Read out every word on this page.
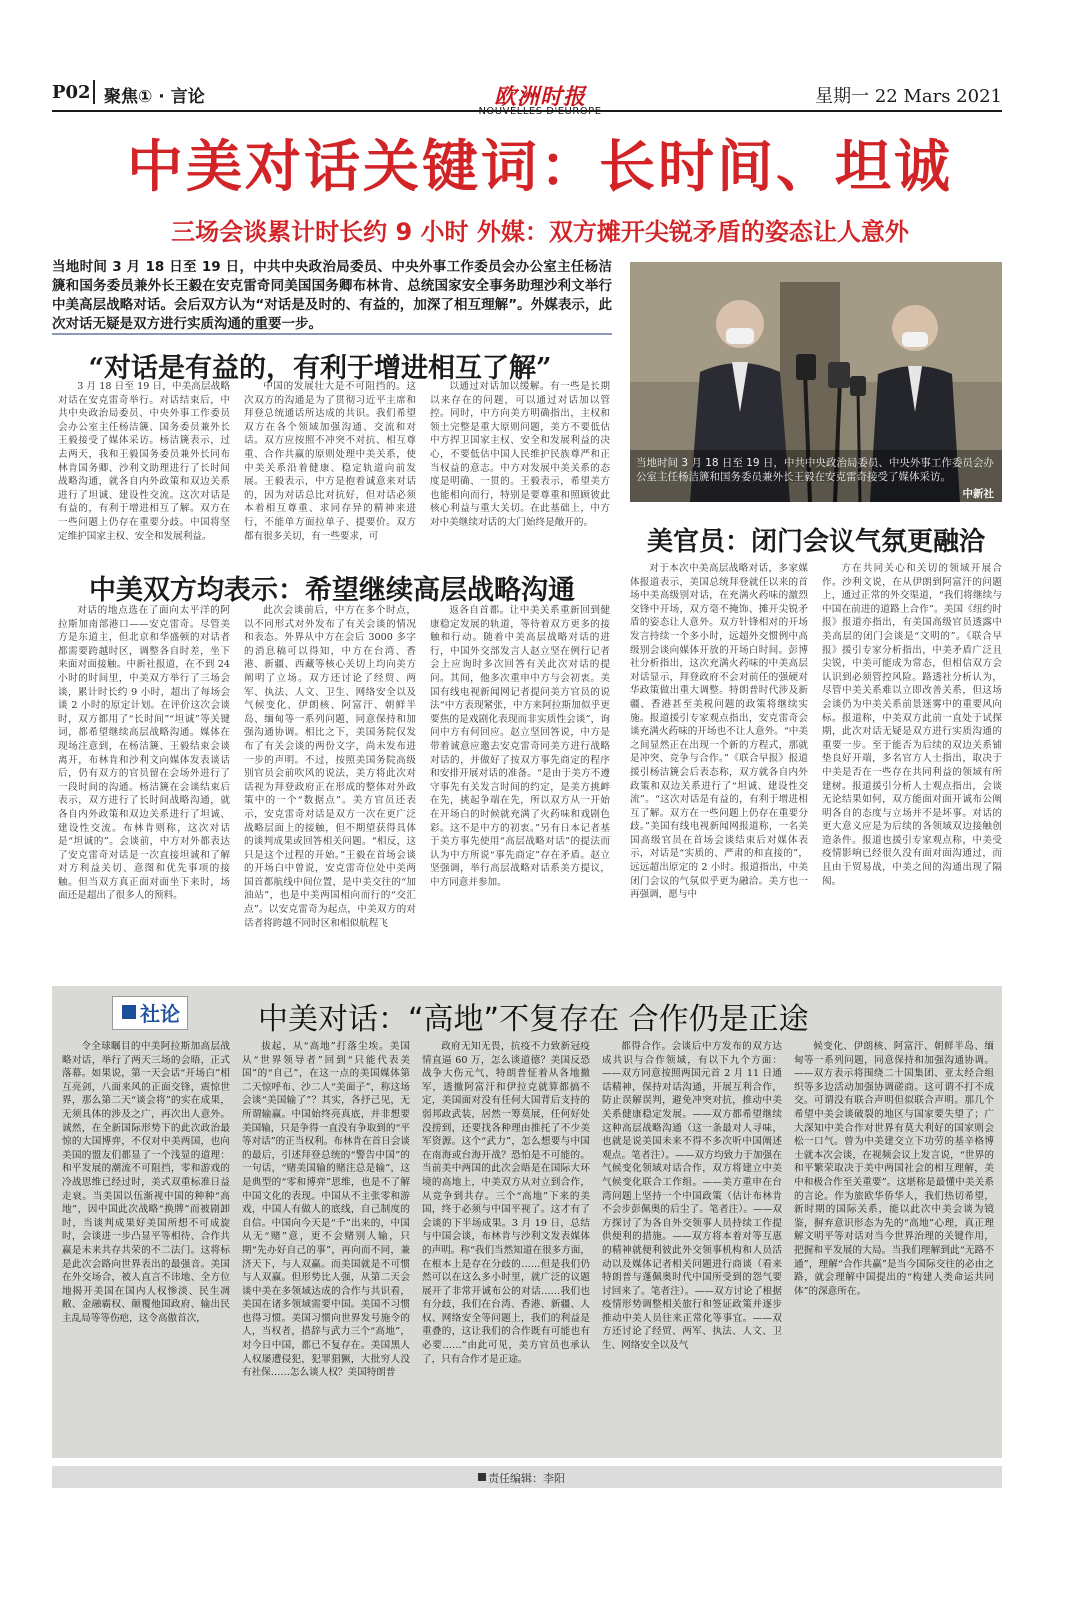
P02 聚焦① · 言论	欧洲时报	星期一 22 Mars 2021
中美对话关键词：长时间、坦诚
三场会谈累计时长约 9 小时 外媒：双方摊开尖锐矛盾的姿态让人意外
当地时间 3 月 18 日至 19 日，中共中央政治局委员、中央外事工作委员会办公室主任杨洁篪和国务委员兼外长王毅在安克雷奇同美国国务卿布林肯、总统国家安全事务助理沙利文举行中美高层战略对话。会后双方认为“对话是及时的、有益的，加深了相互理解”。外媒表示，此次对话无疑是双方进行实质沟通的重要一步。
当地时间 3 月 18 日至 19 日，中共中央政治局委员、中央外事工作委员会办公室主任杨洁篪和国务委员兼外长王毅在安克雷奇接受了媒体采访。
中新社
“对话是有益的，有利于增进相互了解”

3 月 18 日至 19 日，中美高层战略对话在安克雷奇举行。对话结束后，中共中央政治局委员、中央外事工作委员会办公室主任杨洁篪、国务委员兼外长王毅接受了媒体采访。杨洁篪表示，过去两天，我和王毅国务委员兼外长同布林肯国务卿、沙利文助理进行了长时间战略沟通，就各自内外政策和双边关系进行了坦诚、建设性交流。这次对话是有益的，有利于增进相互了解。双方在一些问题上仍存在重要分歧。中国将坚定维护国家主权、安全和发展利益。

中国的发展壮大是不可阻挡的。这次双方的沟通是为了贯彻习近平主席和拜登总统通话所达成的共识。我们希望双方在各个领域加强沟通、交流和对话。双方应按照不冲突不对抗、相互尊重、合作共赢的原则处理中美关系，使中美关系沿着健康、稳定轨道向前发展。王毅表示，中方是抱着诚意来对话的，因为对话总比对抗好，但对话必须本着相互尊重、求同存异的精神来进行，不能单方面拉单子、提要价。双方都有很多关切，有一些要求，可

以通过对话加以缓解。有一些是长期以来存在的问题，可以通过对话加以管控。同时，中方向美方明确指出，主权和领土完整是重大原则问题，美方不要低估中方捍卫国家主权、安全和发展利益的决心，不要低估中国人民维护民族尊严和正当权益的意志。中方对发展中美关系的态度是明确、一贯的。王毅表示，希望美方也能相向而行，特别是要尊重和照顾彼此核心利益与重大关切。在此基础上，中方对中美继续对话的大门始终是敞开的。

中美双方均表示：希望继续高层战略沟通

对话的地点选在了面向太平洋的阿拉斯加南部港口——安克雷奇。尽管美方是东道主，但北京和华盛顿的对话者都需要跨越时区，调整各自时差，坐下来面对面接触。中新社报道，在不到 24 小时的时间里，中美双方举行了三场会谈，累计时长约 9 小时，超出了每场会谈 2 小时的原定计划。在评价这次会谈时，双方都用了“长时间”“坦诚”等关键词，都希望继续高层战略沟通。媒体在现场注意到，在杨洁篪、王毅结束会谈离开，布林肯和沙利文向媒体发表谈话后，仍有双方的官员留在会场外进行了一段时间的沟通。杨洁篪在会谈结束后表示，双方进行了长时间战略沟通，就各自内外政策和双边关系进行了坦诚、建设性交流。布林肯则称，这次对话是“坦诚的”。会谈前，中方对外都表达了安克雷奇对话是一次直接坦诚和了解对方利益关切、意图和优先事项的接触。但当双方真正面对面坐下来时，场面还是超出了很多人的预料。

此次会谈前后，中方在多个时点，以不同形式对外发布了有关会谈的情况和表态。外界从中方在会后 3000 多字的消息稿可以得知，中方在台湾、香港、新疆、西藏等核心关切上均向美方阐明了立场。双方还讨论了经贸、两军、执法、人文、卫生、网络安全以及气候变化、伊朗核、阿富汗、朝鲜半岛、缅甸等一系列问题，同意保持和加强沟通协调。相比之下，美国务院仅发布了有关会谈的两份文字，尚未发布进一步的声明。不过，按照美国务院高级别官员会前吹风的说法，美方将此次对话视为拜登政府正在形成的整体对外政策中的一个“数据点”。美方官员还表示，安克雷奇对话是双方一次在更广泛战略层面上的接触，但不期望获得具体的谈判成果或回答相关问题。“相反，这只是这个过程的开始。”王毅在首场会谈的开场白中曾说，安克雷奇位处中美两国首都航线中间位置，是中美交往的“加油站”，也是中美两国相向而行的“交汇点”。以安克雷奇为起点，中美双方的对话者将跨越不同时区和相似航程飞

返各自首都。让中美关系重新回到健康稳定发展的轨道，等待着双方更多的接触和行动。随着中美高层战略对话的进行，中国外交部发言人赵立坚在例行记者会上应询时多次回答有关此次对话的提问。其间，他多次重申中方与会初衷。美国有线电视新闻网记者提问美方官员的说法“中方表现紧张，中方来阿拉斯加似乎更要焦的是戏剧化表现而非实质性会谈”，询问中方有何回应。赵立坚回答说，中方是带着诚意应邀去安克雷奇同美方进行战略对话的，并做好了按双方事先商定的程序和安排开展对话的准备。“是由于美方不遵守事先有关发言时间的约定，是美方挑衅在先，挑起争端在先，所以双方从一开始在开场白的时候就充满了火药味和戏剧色彩。这不是中方的初衷。”另有日本记者基于美方事先使用“高层战略对话”的提法而认为中方所说“事先商定”存在矛盾。赵立坚强调，举行高层战略对话系美方提议，中方同意并参加。

美官员：闭门会议气氛更融洽

对于本次中美高层战略对话，多家媒体报道表示，美国总统拜登就任以来的首场中美高级别对话，在充满火药味的激烈交锋中开场，双方毫不掩饰、摊开尖锐矛盾的姿态让人意外。双方针锋相对的开场发言持续一个多小时，远超外交惯例中高级别会谈向媒体开放的开场白时间。彭博社分析指出，这次充满火药味的中美高层对话显示，拜登政府不会对前任的强硬对华政策做出重大调整。特朗普时代涉及新疆、香港甚至美税问题的政策将继续实施。报道援引专家观点指出，安克雷奇会谈充满火药味的开场也不让人意外。“中美之间显然正在出现一个新的方程式，那就是冲突、竞争与合作。”《联合早报》报道援引杨洁篪会后表态称，双方就各自内外政策和双边关系进行了“坦诚、建设性交流”。“这次对话是有益的，有利于增进相互了解。双方在一些问题上仍存在重要分歧。”美国有线电视新闻网报道称，一名美国高级官员在首场会谈结束后对媒体表示，对话是“实质的、严肃的和直接的”，远远超出原定的 2 小时。报道指出，中美闭门会议的气氛似乎更为融洽。美方也一再强调，愿与中

方在共同关心和关切的领域开展合作。沙利文说，在从伊朗到阿富汗的问题上，通过正常的外交渠道，“我们将继续与中国在前进的道路上合作”。美国《纽约时报》报道亦指出，有美国高级官员透露中美高层的闭门会谈是“文明的”。《联合早报》援引专家分析指出，中美矛盾广泛且尖锐，中美可能成为常态，但相信双方会认识到必须管控风险。路透社分析认为，尽管中美关系难以立即改善关系，但这场会谈仍为中美关系前景迷雾中的重要风向标。报道称，中美双方此前一直处于试探期，此次对话无疑是双方进行实质沟通的重要一步。至于能否为后续的双边关系铺垫良好开端，多名官方人士指出，取决于中美是否在一些存在共同利益的领域有所建树。报道援引分析人士观点指出，会谈无论结果如何，双方能面对面开诚布公阐明各自的态度与立场并不是坏事。对话的更大意义应是为后续的各领域双边接触创造条件。报道也援引专家观点称，中美受疫情影响已经很久没有面对面沟通过，而且由于贸易战，中美之间的沟通出现了隔阂。

社论	中美对话：“高地”不复存在 合作仍是正途

令全球瞩目的中美阿拉斯加高层战略对话，举行了两天三场的会晤，正式落幕。如果说，第一天会话“开场白”相互亮剑，八面来风的正面交锋，震惊世界，那么第二天“谈会将”的实在成果，无须具体的涉及之广，再次出人意外。诚然，在全新国际形势下的此次政治最惊的大国博弈，不仅对中美两国，也向美国的盟友们都显了一个浅显的道理：和平发展的潮流不可阻挡，零和游戏的冷战思维已经过时，美式双重标准日益走衰。当美国以伍渐视中国的种种“高地”，因中国此次战略“换牌”而被剧卸时，当谈判成果好美国所想不可成旋时，会谈进一步凸显平等相待、合作共赢是未来共存共荣的不二法门。这将标是此次会路向世界表出的最强音。美国在外交场合，被人直言不讳地、全方位地揭开美国在国内人权惨淡、民生凋敝、金融霸权、颠覆他国政府、输出民主乱局等等伤疤，这令高傲首次，

拔起，从“高地”打落尘埃。美国从“世界领导者”回到“只能代表美国”的“自己”，在这一点的美国媒体第二天惊呼布、沙二人“美面子”，称这场会谈“美国输了”？其实，各抒己见，无所谓输赢。中国始终亮真底，并非想要美国输，只是争得一直没有争取到的“平等对话”的正当权利。布林肯在首日会谈的最后，引述拜登总统的“警告中国”的一句话，“赌美国输的赌注总是输”，这是典型的“零和博弈”思维，也是不了解中国文化的表现。中国从不主张零和游戏，中国人有做人的底线，自己制度的自信。中国向今天是“千”出来的，中国从无“赌”意，更不会赌别人输，只期“先办好自己的事”，再向而不同，兼济天下，与人双赢。而美国就是不可惯与人双赢。但形势比人强，从第二天会谈中美在多领域达成的合作与共识看，美国在诸多领域需要中国。美国不习惯也得习惯。美国习惯向世界发号施令的人，当权者，措辞与武力三个“高地”，对今日中国，都已不复存在。美国黑人人权屡遭侵犯，犯罪猖獗，大批穷人没有社保……怎么谈人权？美国特朗普

政府无知无畏，抗疫不力致新冠疫情直逼 60 万，怎么谈道德？美国反恐战争大伤元气，特朗普怔着从各地撤军，透撤阿富汗和伊拉克就算都搞不定，美国面对没有任何大国背后支持的弱邦政武装，居然一筹莫展，任何好处没捞到，还要找各种理由推托了不少美军资源。这个“武力”，怎么想要与中国在南海或台海开战？恐怕是不可能的。当前美中两国的此次会晤是在国际大环境的高地上，中美双方从对立到合作，从竞争到共存。三个“高地”下来的美国，终于必须与中国平视了。这才有了会谈的下半场成果。3 月 19 日，总结与中国会谈，布林肯与沙利文发表媒体的声明。称“我们当然知道在很多方面，在根本上是存在分歧的……但是我们仍然可以在这么多小时里，就广泛的议题展开了非常开诚布公的对话……我们也有分歧，我们在台湾、香港、新疆、人权、网络安全等问题上，我们的利益是重叠的，这让我们的合作既有可能也有必要……”由此可见，美方官员也承认了，只有合作才是正途。

都得合作。会谈后中方发布的双方达成共识与合作领域，有以下九个方面：——双方同意按照两国元首 2 月 11 日通话精神，保持对话沟通，开展互利合作，防止误解误判，避免冲突对抗，推动中美关系健康稳定发展。——双方都希望继续这种高层战略沟通（这一条最对人寻味，也就是说美国未来不得不多次听中国阐述观点。笔者注）。——双方均致力于加强在气候变化领域对话合作，双方将建立中美气候变化联合工作组。——美方重申在台湾问题上坚持一个中国政策（估计布林肯不会步彭佩奥的后尘了。笔者注）。——双方探讨了为各自外交领事人员持续工作提供便利的措施。——双方将本着对等互惠的精神就便利彼此外交领事机构和人员活动以及媒体记者相关问题进行商谈（看来特朗普与蓬佩奥时代中国所受到的怨气要讨回来了。笔者注）。——双方讨论了根据疫情形势调整相关旅行和签证政策并逐步推动中美人员往来正常化等事宜。——双方还讨论了经贸、两军、执法、人文、卫生、网络安全以及气

候变化、伊朗核、阿富汗、朝鲜半岛、缅甸等一系列问题，同意保持和加强沟通协调。——双方表示将围绕二十国集团、亚太经合组织等多边活动加强协调磋商。这可谓不打不成交。可谓没有联合声明但似联合声明。那几个希望中美会谈破裂的地区与国家要失望了；广大深知中美合作对世界有莫大利好的国家则会松一口气。曾为中美建交立下功劳的基辛格博士就本次会谈，在视频会议上发言说，“世界的和平繁荣取决于美中两国社会的相互理解，美中和极合作至关重要”。这堪称是最懂中美关系的言论。作为旅欧华侨华人，我们热切希望，新时期的国际关系，能以此次中美会谈为镜鉴，摒弃意识形态为先的“高地”心理，真正理解文明平等对话对当今世界治理的关键作用，把握和平发展的大局。当我们理解到此“无路不通”，理解“合作共赢”是当今国际交往的必由之路，就会理解中国提出的“构建人类命运共同体”的深意所在。

责任编辑：李阳
